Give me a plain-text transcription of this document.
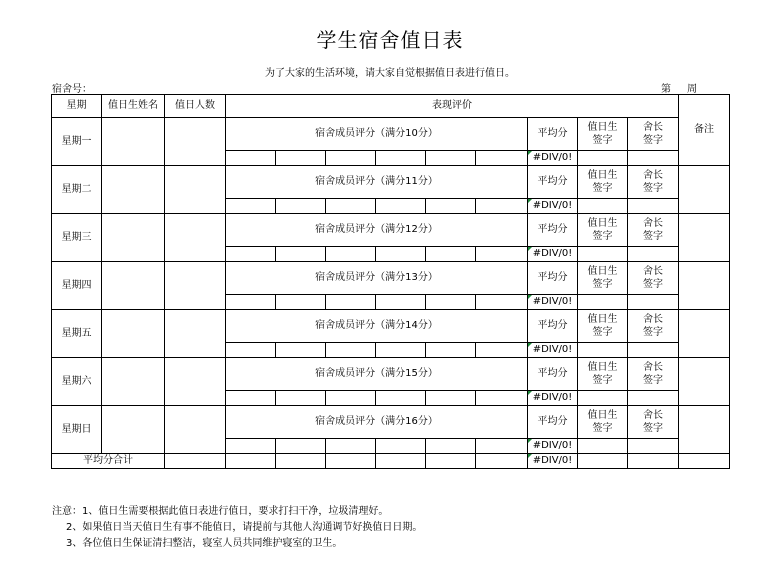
学生宿舍值日表
为了大家的生活环境，请大家自觉根据值日表进行值日。
宿舍号：	第 周
星期	值日生姓名	值日人数	表现评价									备注
星期一			宿舍成员评分（满分10分）						平均分	值日生
签字	舍长
签字	
									#DIV/0!			
星期二			宿舍成员评分（满分11分）						平均分	值日生
签字	舍长
签字	
									#DIV/0!			
星期三			宿舍成员评分（满分12分）						平均分	值日生
签字	舍长
签字	
									#DIV/0!			
星期四			宿舍成员评分（满分13分）						平均分	值日生
签字	舍长
签字	
									#DIV/0!			
星期五			宿舍成员评分（满分14分）						平均分	值日生
签字	舍长
签字	
									#DIV/0!			
星期六			宿舍成员评分（满分15分）						平均分	值日生
签字	舍长
签字	
									#DIV/0!			
星期日			宿舍成员评分（满分16分）						平均分	值日生
签字	舍长
签字	
									#DIV/0!			
平均分合计									#DIV/0!			
注意：1、值日生需要根据此值日表进行值日，要求打扫干净，垃圾清理好。
2、如果值日当天值日生有事不能值日，请提前与其他人沟通调节好换值日日期。
3、各位值日生保证清扫整洁，寝室人员共同维护寝室的卫生。
